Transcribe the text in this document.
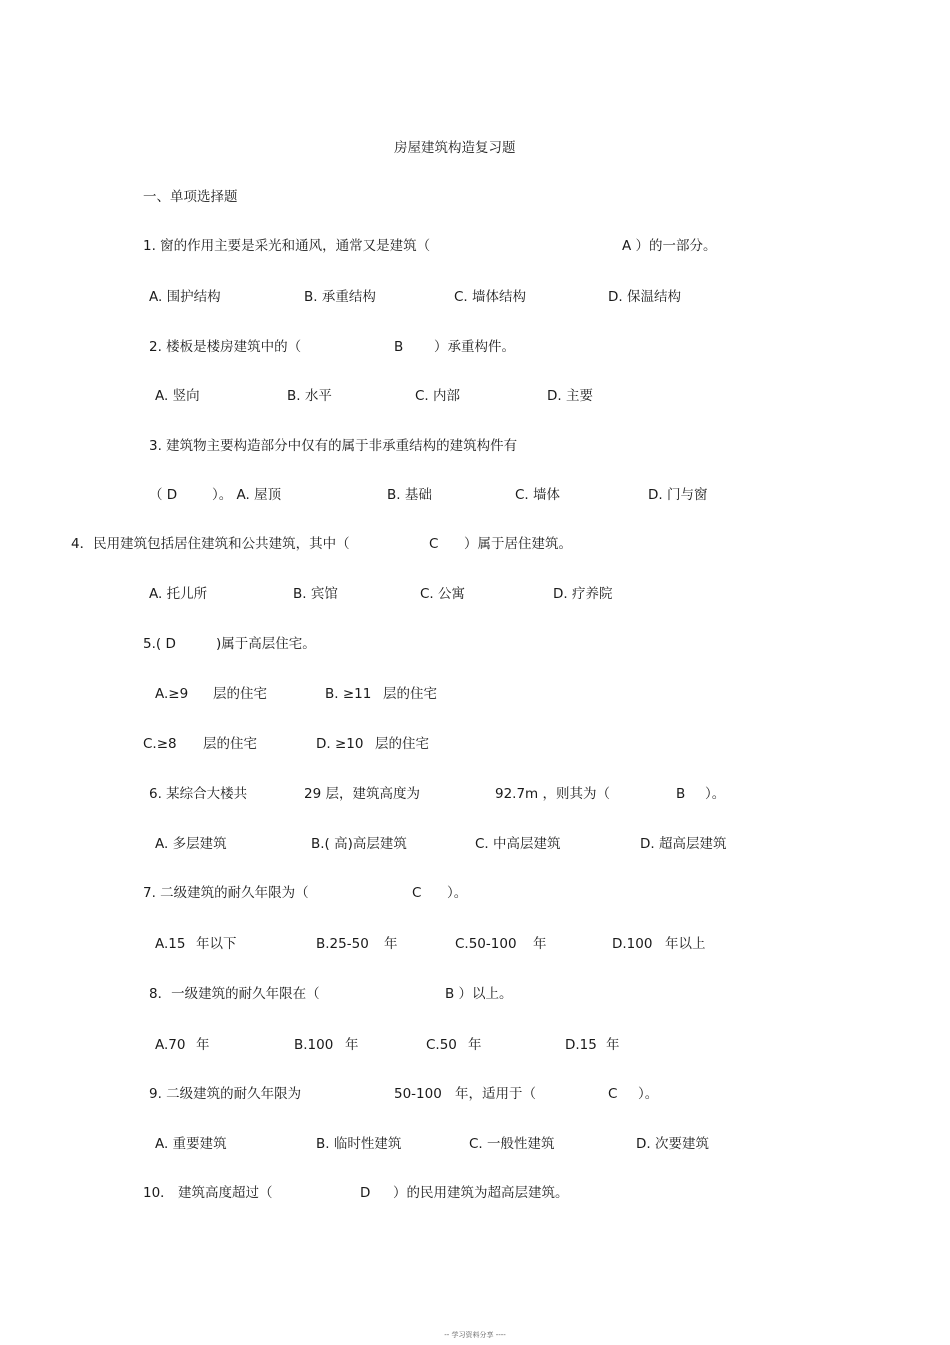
房屋建筑构造复习题
一、单项选择题
1. 窗的作用主要是采光和通风，通常又是建筑（	A ）的一部分。
A. 围护结构	B. 承重结构	C. 墙体结构	D. 保温结构
2. 楼板是楼房建筑中的（	B ）承重构件。
A. 竖向	B. 水平	C. 内部	D. 主要
3. 建筑物主要构造部分中仅有的属于非承重结构的建筑构件有
（ D	）。 A. 屋顶	B. 基础	C. 墙体	D. 门与窗
4．民用建筑包括居住建筑和公共建筑，其中（	C ）属于居住建筑。
A. 托儿所	B. 宾馆	C. 公寓	D. 疗养院
5.( D	)属于高层住宅。
A.≥9 层的住宅	B. ≥11 层的住宅
C.≥8 层的住宅	D. ≥10 层的住宅
6. 某综合大楼共	29 层，建筑高度为	92.7m ，则其为（	B ）。
A. 多层建筑	B.( 高)高层建筑	C. 中高层建筑	D. 超高层建筑
7. 二级建筑的耐久年限为（	C ）。
A.15 年以下	B.25-50 年	C.50-100 年	D.100 年以上
8．一级建筑的耐久年限在（	B ）以上。
A.70 年	B.100 年	C.50 年	D.15 年
9. 二级建筑的耐久年限为	50-100 年，适用于（	C ）。
A. 重要建筑	B. 临时性建筑	C. 一般性建筑	D. 次要建筑
10． 建筑高度超过（	D ）的民用建筑为超高层建筑。
-- 学习资料分享 ----
